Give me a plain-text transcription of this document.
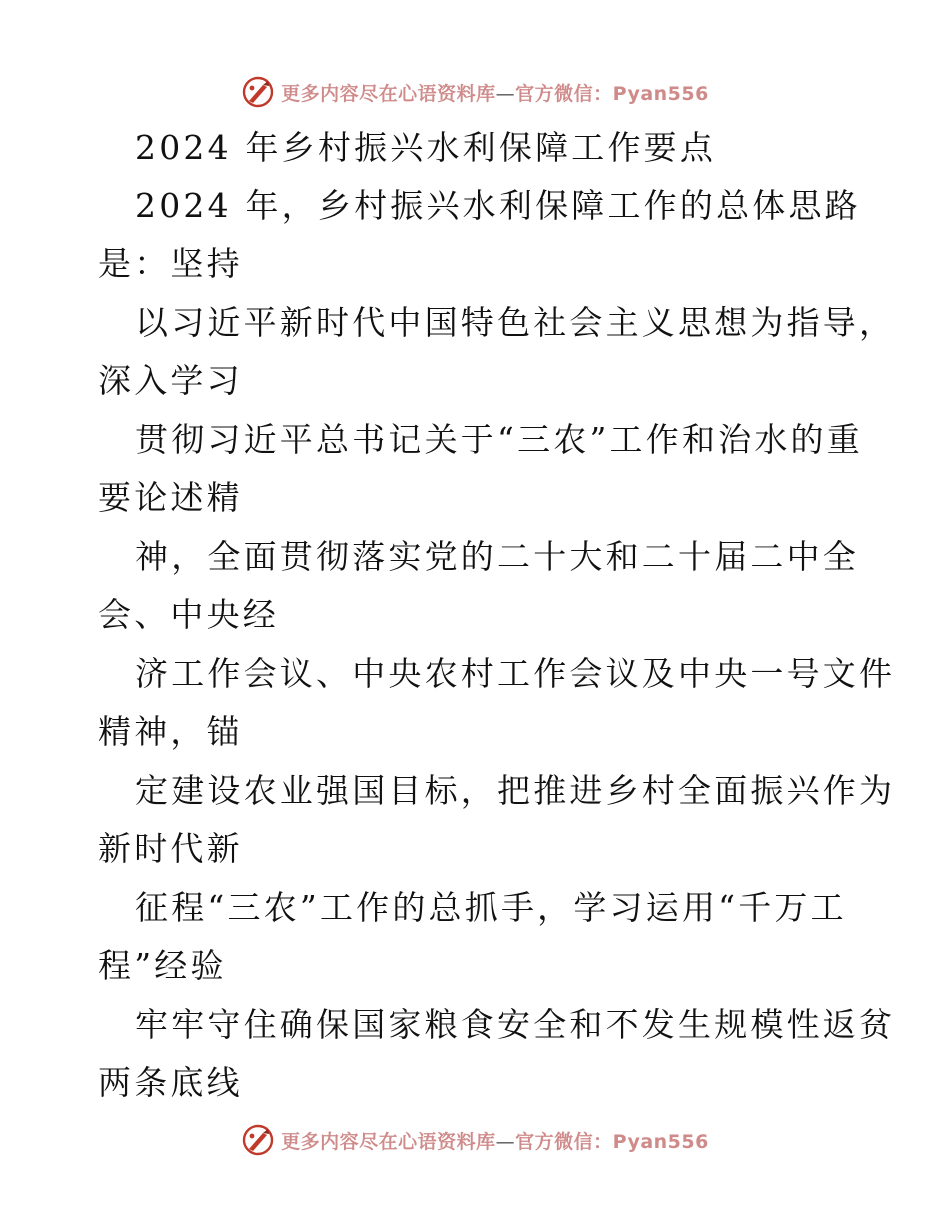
更多内容尽在心语资料库—官方微信：Pyan556
2024 年乡村振兴水利保障工作要点
2024 年，乡村振兴水利保障工作的总体思路
是：坚持
以习近平新时代中国特色社会主义思想为指导，
深入学习
贯彻习近平总书记关于“三农”工作和治水的重
要论述精
神，全面贯彻落实党的二十大和二十届二中全
会、中央经
济工作会议、中央农村工作会议及中央一号文件
精神，锚
定建设农业强国目标，把推进乡村全面振兴作为
新时代新
征程“三农”工作的总抓手，学习运用“千万工
程”经验
牢牢守住确保国家粮食安全和不发生规模性返贫
两条底线
更多内容尽在心语资料库—官方微信：Pyan556
